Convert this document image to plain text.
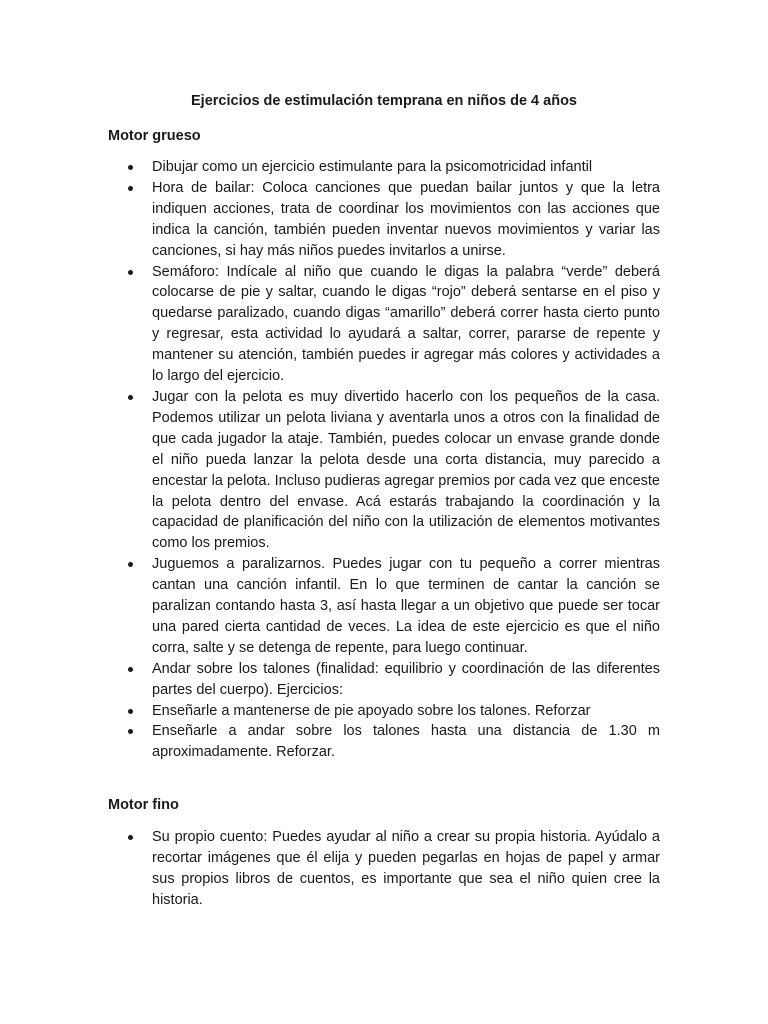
Ejercicios de estimulación temprana en niños de 4 años
Motor grueso
Dibujar como un ejercicio estimulante para la psicomotricidad infantil
Hora de bailar: Coloca canciones que puedan bailar juntos y que la letra indiquen acciones, trata de coordinar los movimientos con las acciones que indica la canción, también pueden inventar nuevos movimientos y variar las canciones, si hay más niños puedes invitarlos a unirse.
Semáforo: Indícale al niño que cuando le digas la palabra “verde” deberá colocarse de pie y saltar, cuando le digas “rojo” deberá sentarse en el piso y quedarse paralizado, cuando digas “amarillo” deberá correr hasta cierto punto y regresar, esta actividad lo ayudará a saltar, correr, pararse de repente y mantener su atención, también puedes ir agregar más colores y actividades a lo largo del ejercicio.
Jugar con la pelota es muy divertido hacerlo con los pequeños de la casa. Podemos utilizar un pelota liviana y aventarla unos a otros con la finalidad de que cada jugador la ataje. También, puedes colocar un envase grande donde el niño pueda lanzar la pelota desde una corta distancia, muy parecido a encestar la pelota. Incluso pudieras agregar premios por cada vez que enceste la pelota dentro del envase. Acá estarás trabajando la coordinación y la capacidad de planificación del niño con la utilización de elementos motivantes como los premios.
Juguemos a paralizarnos. Puedes jugar con tu pequeño a correr mientras cantan una canción infantil. En lo que terminen de cantar la canción se paralizan contando hasta 3, así hasta llegar a un objetivo que puede ser tocar una pared cierta cantidad de veces. La idea de este ejercicio es que el niño corra, salte y se detenga de repente, para luego continuar.
Andar sobre los talones (finalidad: equilibrio y coordinación de las diferentes partes del cuerpo). Ejercicios:
Enseñarle a mantenerse de pie apoyado sobre los talones. Reforzar
Enseñarle a andar sobre los talones hasta una distancia de 1.30 m aproximadamente. Reforzar.
Motor fino
Su propio cuento: Puedes ayudar al niño a crear su propia historia. Ayúdalo a recortar imágenes que él elija y pueden pegarlas en hojas de papel y armar sus propios libros de cuentos, es importante que sea el niño quien cree la historia.
